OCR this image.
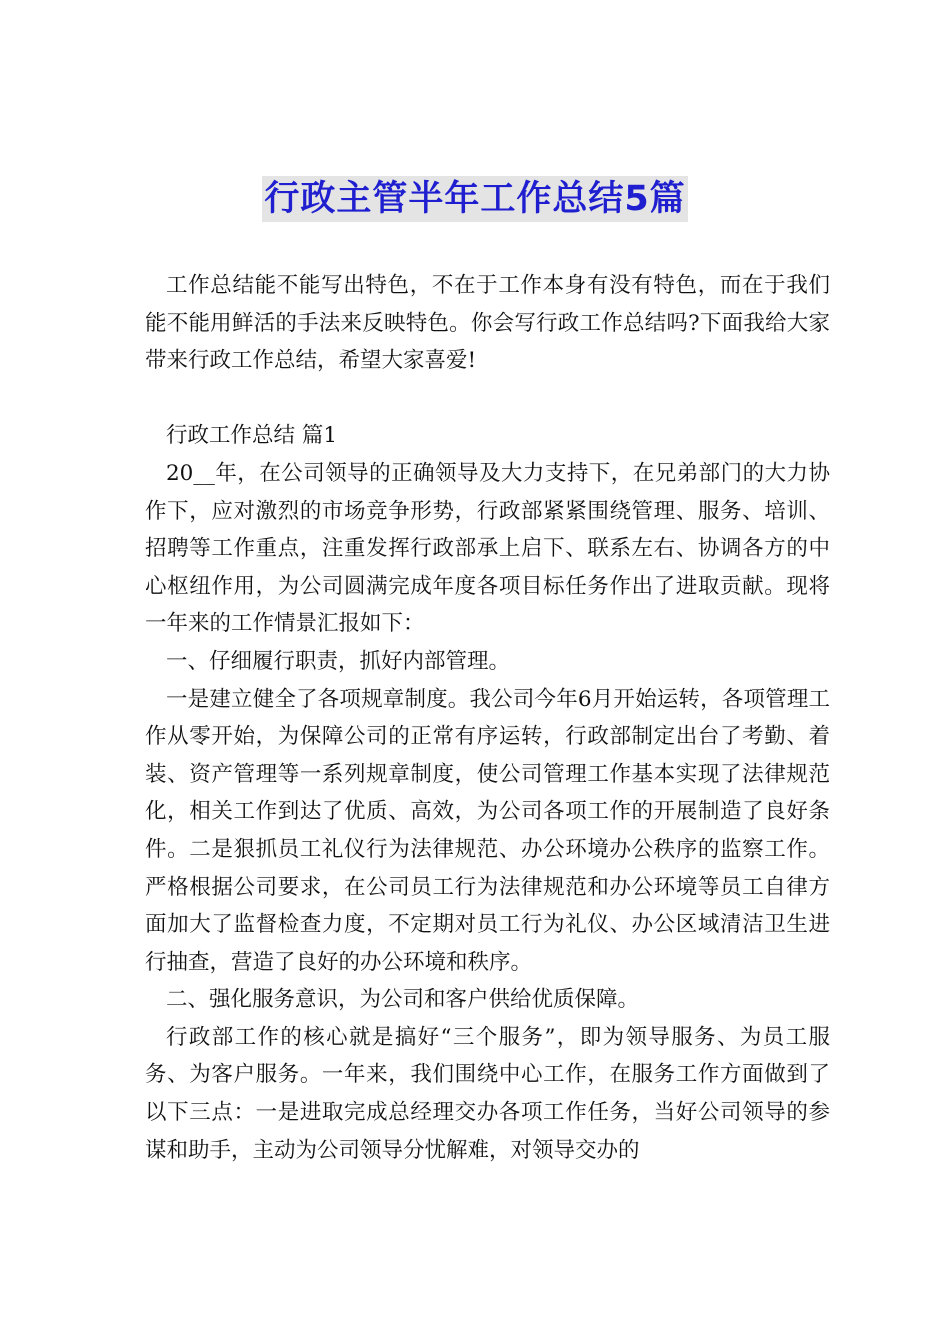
行政主管半年工作总结5篇

工作总结能不能写出特色，不在于工作本身有没有特色，而在于我们能不能用鲜活的手法来反映特色。你会写行政工作总结吗?下面我给大家带来行政工作总结，希望大家喜爱!

行政工作总结 篇1

20__年，在公司领导的正确领导及大力支持下，在兄弟部门的大力协作下，应对激烈的市场竞争形势，行政部紧紧围绕管理、服务、培训、招聘等工作重点，注重发挥行政部承上启下、联系左右、协调各方的中心枢纽作用，为公司圆满完成年度各项目标任务作出了进取贡献。现将一年来的工作情景汇报如下：

一、仔细履行职责，抓好内部管理。

一是建立健全了各项规章制度。我公司今年6月开始运转，各项管理工作从零开始，为保障公司的正常有序运转，行政部制定出台了考勤、着装、资产管理等一系列规章制度，使公司管理工作基本实现了法律规范化，相关工作到达了优质、高效，为公司各项工作的开展制造了良好条件。二是狠抓员工礼仪行为法律规范、办公环境办公秩序的监察工作。严格根据公司要求，在公司员工行为法律规范和办公环境等员工自律方面加大了监督检查力度，不定期对员工行为礼仪、办公区域清洁卫生进行抽查，营造了良好的办公环境和秩序。

二、强化服务意识，为公司和客户供给优质保障。

行政部工作的核心就是搞好“三个服务”，即为领导服务、为员工服务、为客户服务。一年来，我们围绕中心工作，在服务工作方面做到了以下三点：一是进取完成总经理交办各项工作任务，当好公司领导的参谋和助手，主动为公司领导分忧解难，对领导交办的
